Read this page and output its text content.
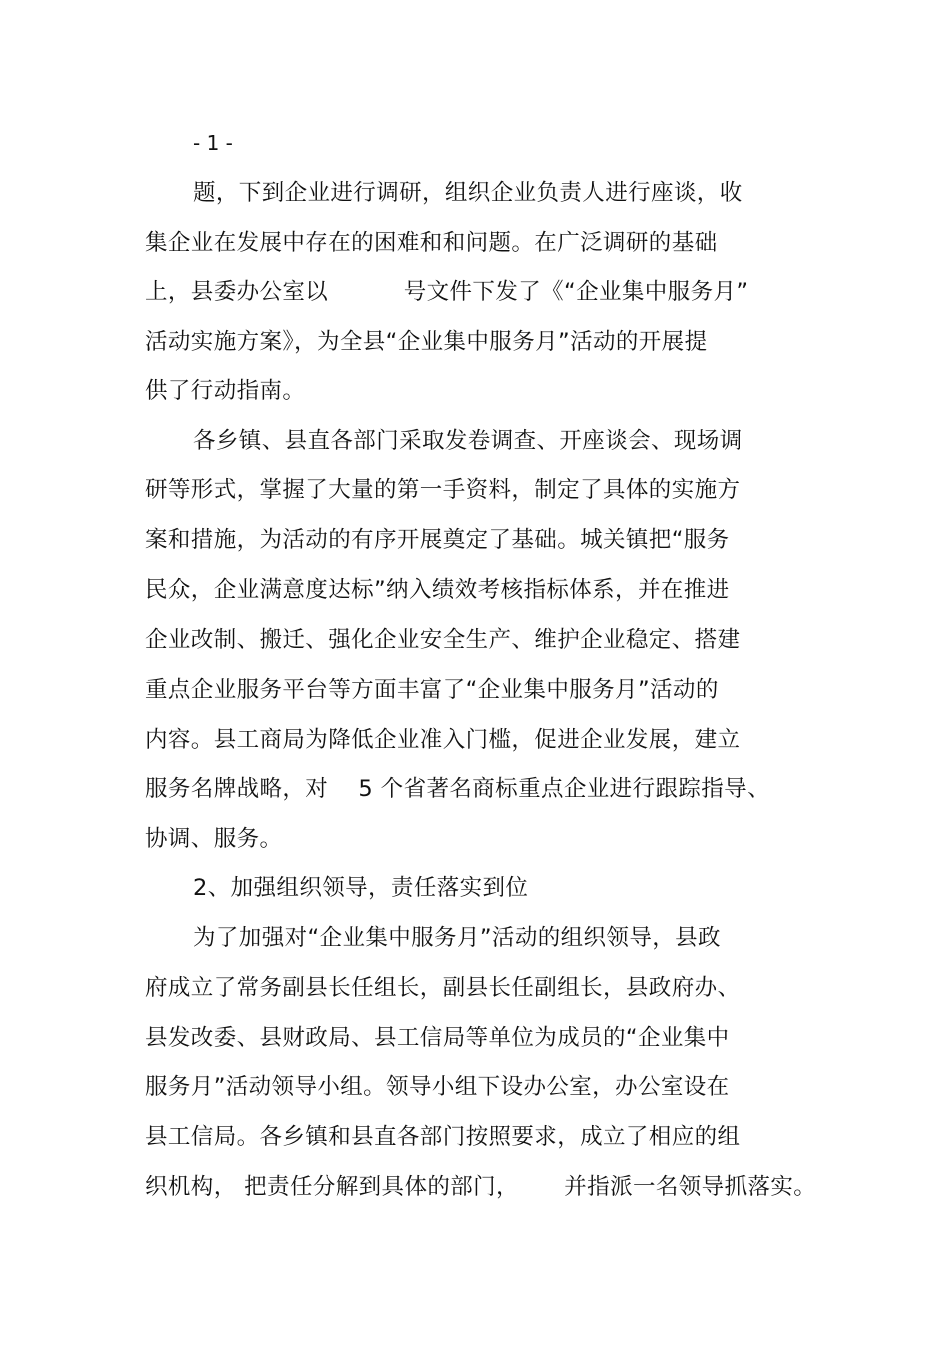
- 1 -
题，下到企业进行调研，组织企业负责人进行座谈，收
集企业在发展中存在的困难和和问题。在广泛调研的基础
上，县委办公室以          号文件下发了《“企业集中服务月”
活动实施方案》，为全县“企业集中服务月”活动的开展提
供了行动指南。
各乡镇、县直各部门采取发卷调查、开座谈会、现场调
研等形式，掌握了大量的第一手资料，制定了具体的实施方
案和措施，为活动的有序开展奠定了基础。城关镇把“服务
民众，企业满意度达标”纳入绩效考核指标体系，并在推进
企业改制、搬迁、强化企业安全生产、维护企业稳定、搭建
重点企业服务平台等方面丰富了“企业集中服务月”活动的
内容。县工商局为降低企业准入门槛，促进企业发展，建立
服务名牌战略，对    5 个省著名商标重点企业进行跟踪指导、
协调、服务。
2、加强组织领导，责任落实到位
为了加强对“企业集中服务月”活动的组织领导，县政
府成立了常务副县长任组长，副县长任副组长，县政府办、
县发改委、县财政局、县工信局等单位为成员的“企业集中
服务月”活动领导小组。领导小组下设办公室，办公室设在
县工信局。各乡镇和县直各部门按照要求，成立了相应的组
织机构， 把责任分解到具体的部门，      并指派一名领导抓落实。
